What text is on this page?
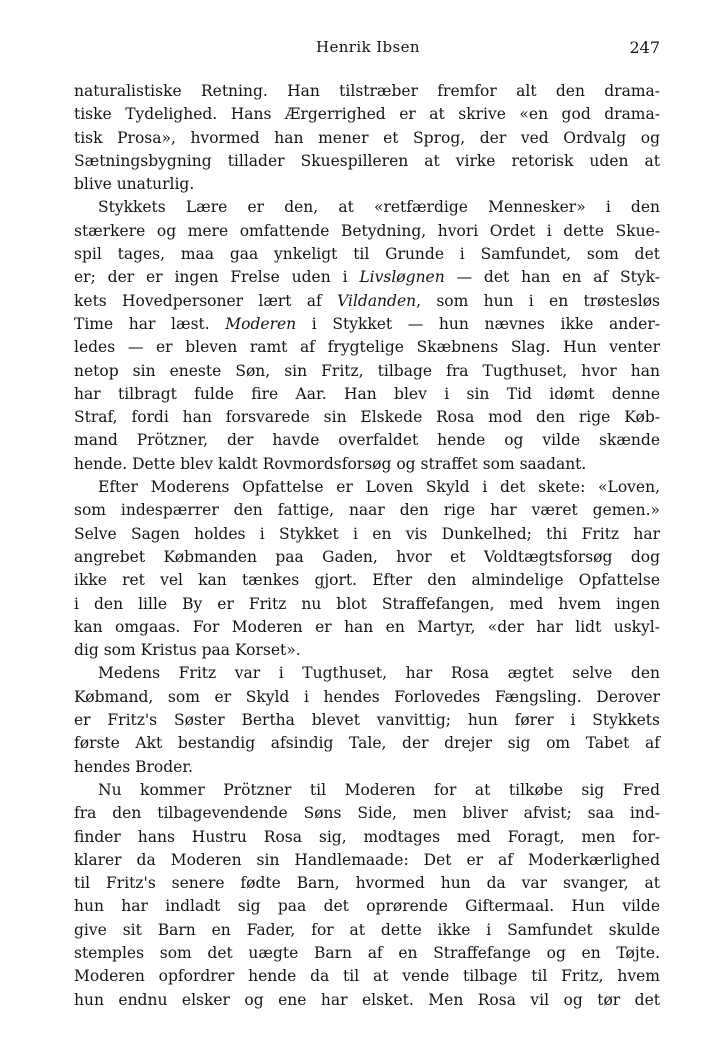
Henrik Ibsen	247
naturalistiske Retning. Han tilstræber fremfor alt den drama-
tiske Tydelighed. Hans Ærgerrighed er at skrive «en god drama-
tisk Prosa», hvormed han mener et Sprog, der ved Ordvalg og
Sætningsbygning tillader Skuespilleren at virke retorisk uden at
blive unaturlig.
Stykkets Lære er den, at «retfærdige Mennesker» i den
stærkere og mere omfattende Betydning, hvori Ordet i dette Skue-
spil tages, maa gaa ynkeligt til Grunde i Samfundet, som det
er; der er ingen Frelse uden i Livsløgnen — det han en af Styk-
kets Hovedpersoner lært af Vildanden, som hun i en trøstesløs
Time har læst. Moderen i Stykket — hun nævnes ikke ander-
ledes — er bleven ramt af frygtelige Skæbnens Slag. Hun venter
netop sin eneste Søn, sin Fritz, tilbage fra Tugthuset, hvor han
har tilbragt fulde fire Aar. Han blev i sin Tid idømt denne
Straf, fordi han forsvarede sin Elskede Rosa mod den rige Køb-
mand Prötzner, der havde overfaldet hende og vilde skænde
hende. Dette blev kaldt Rovmordsforsøg og straffet som saadant.
Efter Moderens Opfattelse er Loven Skyld i det skete: «Loven,
som indespærrer den fattige, naar den rige har været gemen.»
Selve Sagen holdes i Stykket i en vis Dunkelhed; thi Fritz har
angrebet Købmanden paa Gaden, hvor et Voldtægtsforsøg dog
ikke ret vel kan tænkes gjort. Efter den almindelige Opfattelse
i den lille By er Fritz nu blot Straffefangen, med hvem ingen
kan omgaas. For Moderen er han en Martyr, «der har lidt uskyl-
dig som Kristus paa Korset».
Medens Fritz var i Tugthuset, har Rosa ægtet selve den
Købmand, som er Skyld i hendes Forlovedes Fængsling. Derover
er Fritz's Søster Bertha blevet vanvittig; hun fører i Stykkets
første Akt bestandig afsindig Tale, der drejer sig om Tabet af
hendes Broder.
Nu kommer Prötzner til Moderen for at tilkøbe sig Fred
fra den tilbagevendende Søns Side, men bliver afvist; saa ind-
finder hans Hustru Rosa sig, modtages med Foragt, men for-
klarer da Moderen sin Handlemaade: Det er af Moderkærlighed
til Fritz's senere fødte Barn, hvormed hun da var svanger, at
hun har indladt sig paa det oprørende Giftermaal. Hun vilde
give sit Barn en Fader, for at dette ikke i Samfundet skulde
stemples som det uægte Barn af en Straffefange og en Tøjte.
Moderen opfordrer hende da til at vende tilbage til Fritz, hvem
hun endnu elsker og ene har elsket. Men Rosa vil og tør det
